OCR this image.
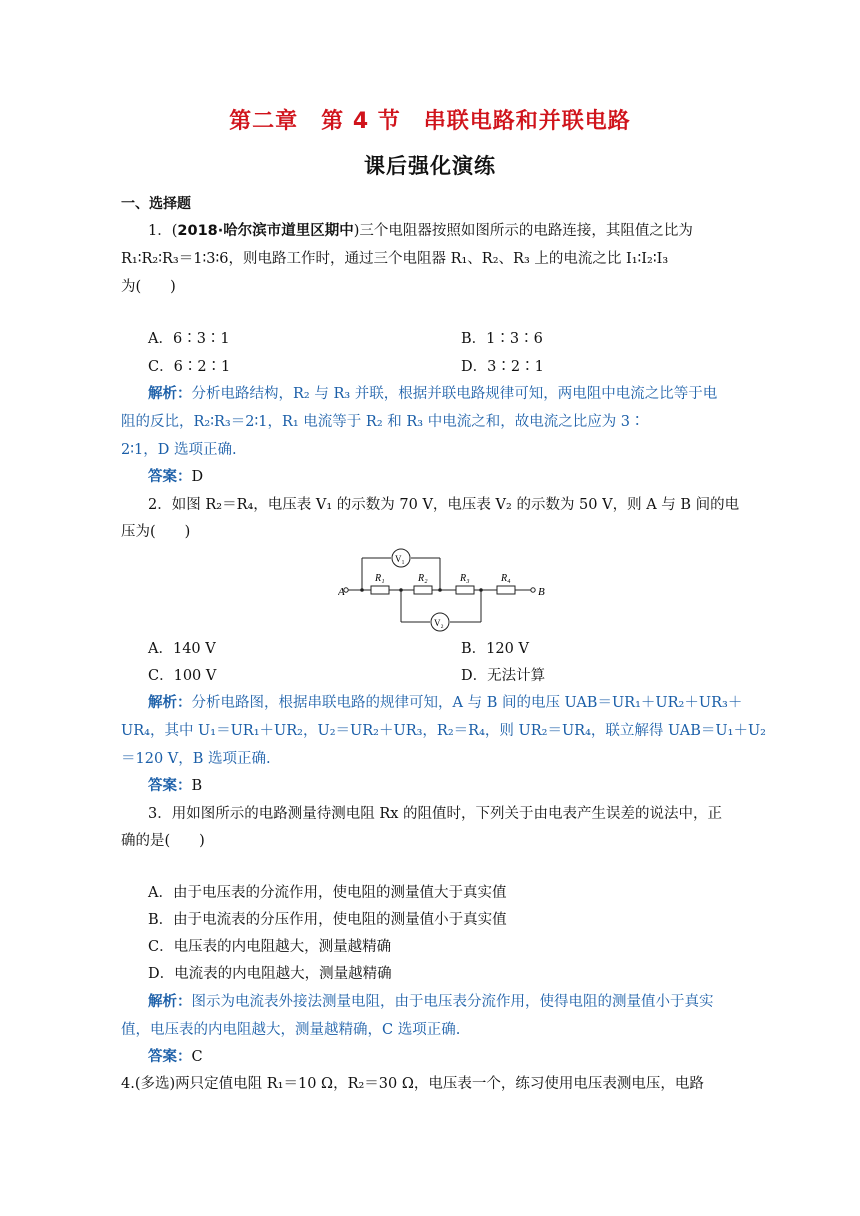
第二章　第 4 节　串联电路和并联电路
课后强化演练
一、选择题
1．(2018·哈尔滨市道里区期中)三个电阻器按照如图所示的电路连接，其阻值之比为
R₁∶R₂∶R₃＝1∶3∶6，则电路工作时，通过三个电阻器 R₁、R₂、R₃ 上的电流之比 I₁∶I₂∶I₃
为(　　)
A．6∶3∶1	B．1∶3∶6
C．6∶2∶1	D．3∶2∶1
解析：分析电路结构，R₂ 与 R₃ 并联，根据并联电路规律可知，两电阻中电流之比等于电
阻的反比，R₂∶R₃＝2∶1，R₁ 电流等于 R₂ 和 R₃ 中电流之和，故电流之比应为 3∶
2∶1，D 选项正确.
答案：D
2．如图 R₂＝R₄，电压表 V₁ 的示数为 70 V，电压表 V₂ 的示数为 50 V，则 A 与 B 间的电
压为(　　)
A	B
R₁	R₂	R₃	R₄
V₁
V₂
A．140 V	B．120 V
C．100 V	D．无法计算
解析：分析电路图，根据串联电路的规律可知，A 与 B 间的电压 UAB＝UR₁＋UR₂＋UR₃＋
UR₄，其中 U₁＝UR₁＋UR₂，U₂＝UR₂＋UR₃，R₂＝R₄，则 UR₂＝UR₄，联立解得 UAB＝U₁＋U₂
＝120 V，B 选项正确.
答案：B
3．用如图所示的电路测量待测电阻 Rx 的阻值时，下列关于由电表产生误差的说法中，正
确的是(　　)
A．由于电压表的分流作用，使电阻的测量值大于真实值
B．由于电流表的分压作用，使电阻的测量值小于真实值
C．电压表的内电阻越大，测量越精确
D．电流表的内电阻越大，测量越精确
解析：图示为电流表外接法测量电阻，由于电压表分流作用，使得电阻的测量值小于真实
值，电压表的内电阻越大，测量越精确，C 选项正确.
答案：C
4.(多选)两只定值电阻 R₁＝10 Ω，R₂＝30 Ω，电压表一个，练习使用电压表测电压，电路
